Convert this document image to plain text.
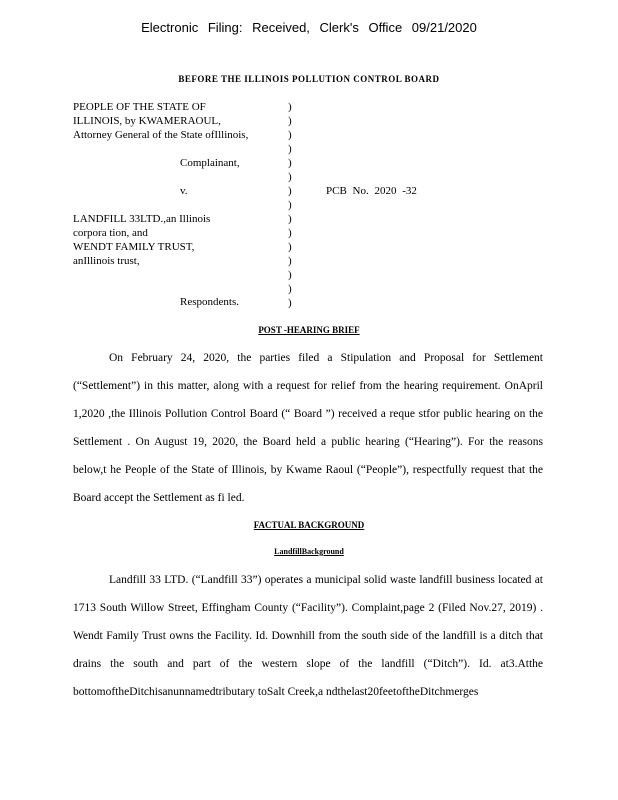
Electronic Filing: Received, Clerk's Office 09/21/2020
BEFORE THE ILLINOIS POLLUTION CONTROL BOARD
PEOPLE OF THE STATE OF
ILLINOIS, by KWAMERAOUL,
Attorney General of the State ofIllinois,
Complainant,
v.
LANDFILL 33LTD.,an Illinois
corpora tion, and
WENDT FAMILY TRUST,
anIllinois trust,
Respondents.
)
)
)
)
)
)
)
)
)
)
)
)
)
)
)
PCB No. 2020 -32
POST -HEARING BRIEF
On February 24, 2020, the parties filed a Stipulation and Proposal for Settlement (“Settlement”) in this matter, along with a request for relief from the hearing requirement. OnApril 1,2020 ,the Illinois Pollution Control Board (“ Board ”) received a reque stfor public hearing on the Settlement . On August 19, 2020, the Board held a public hearing (“Hearing”). For the reasons below,t he People of the State of Illinois, by Kwame Raoul (“People”), respectfully request that the Board accept the Settlement as fi led.
FACTUAL BACKGROUND
LandfillBackground
Landfill 33 LTD. (“Landfill 33”) operates a municipal solid waste landfill business located at 1713 South Willow Street, Effingham County (“Facility”). Complaint,page 2 (Filed Nov.27, 2019) . Wendt Family Trust owns the Facility. Id. Downhill from the south side of the landfill is a ditch that drains the south and part of the western slope of the landfill (“Ditch”). Id. at3.Atthe bottomoftheDitchisanunnamedtributary toSalt Creek,a ndthelast20feetoftheDitchmerges
